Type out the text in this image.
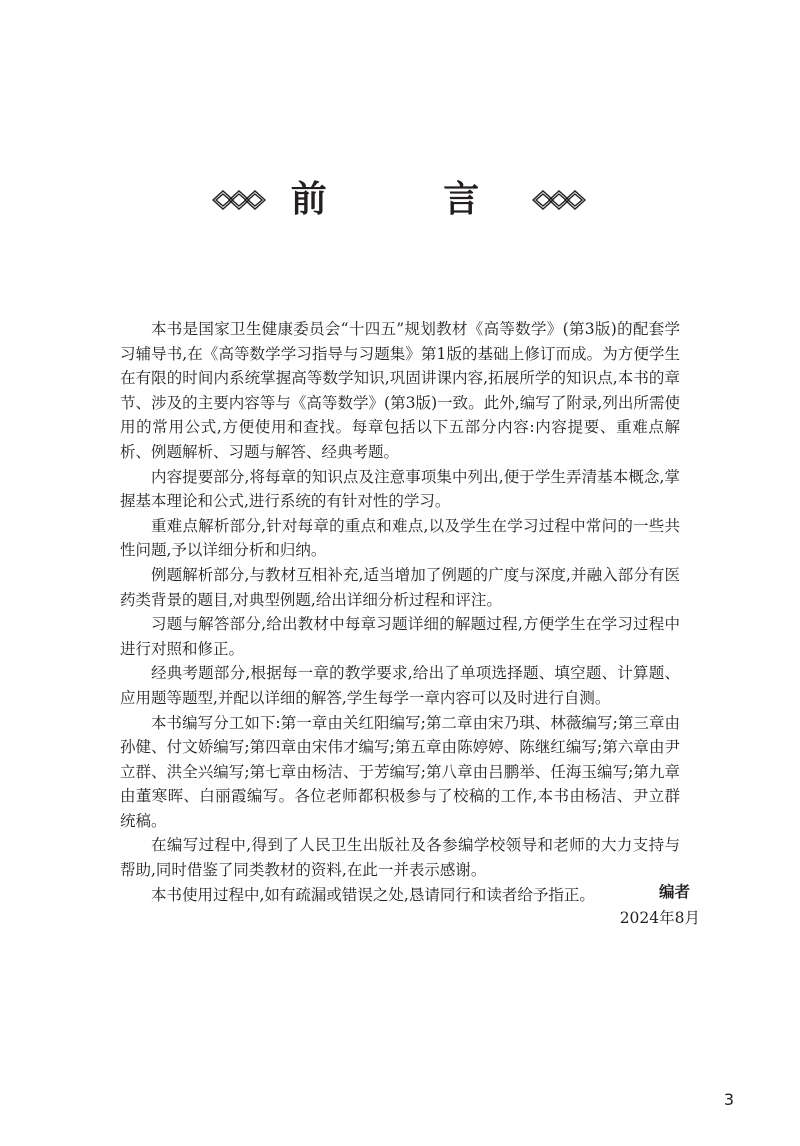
前 言

本书是国家卫生健康委员会“十四五”规划教材《高等数学》(第3版)的配套学习辅导书,在《高等数学学习指导与习题集》第1版的基础上修订而成。为方便学生在有限的时间内系统掌握高等数学知识,巩固讲课内容,拓展所学的知识点,本书的章节、涉及的主要内容等与《高等数学》(第3版)一致。此外,编写了附录,列出所需使用的常用公式,方便使用和查找。每章包括以下五部分内容:内容提要、重难点解析、例题解析、习题与解答、经典考题。

内容提要部分,将每章的知识点及注意事项集中列出,便于学生弄清基本概念,掌握基本理论和公式,进行系统的有针对性的学习。

重难点解析部分,针对每章的重点和难点,以及学生在学习过程中常问的一些共性问题,予以详细分析和归纳。

例题解析部分,与教材互相补充,适当增加了例题的广度与深度,并融入部分有医药类背景的题目,对典型例题,给出详细分析过程和评注。

习题与解答部分,给出教材中每章习题详细的解题过程,方便学生在学习过程中进行对照和修正。

经典考题部分,根据每一章的教学要求,给出了单项选择题、填空题、计算题、应用题等题型,并配以详细的解答,学生每学一章内容可以及时进行自测。

本书编写分工如下:第一章由关红阳编写;第二章由宋乃琪、林薇编写;第三章由孙健、付文娇编写;第四章由宋伟才编写;第五章由陈婷婷、陈继红编写;第六章由尹立群、洪全兴编写;第七章由杨洁、于芳编写;第八章由吕鹏举、任海玉编写;第九章由董寒晖、白丽霞编写。各位老师都积极参与了校稿的工作,本书由杨洁、尹立群统稿。

在编写过程中,得到了人民卫生出版社及各参编学校领导和老师的大力支持与帮助,同时借鉴了同类教材的资料,在此一并表示感谢。

本书使用过程中,如有疏漏或错误之处,恳请同行和读者给予指正。	编者
2024年8月
3
